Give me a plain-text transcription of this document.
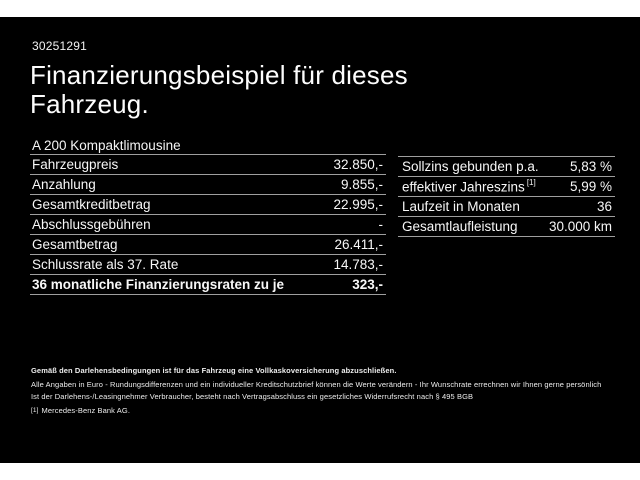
30251291
Finanzierungsbeispiel für dieses
Fahrzeug.
A 200 Kompaktlimousine
Fahrzeugpreis	32.850,-
Anzahlung	9.855,-
Gesamtkreditbetrag	22.995,-
Abschlussgebühren	-
Gesamtbetrag	26.411,-
Schlussrate als 37. Rate	14.783,-
36 monatliche Finanzierungsraten zu je	323,-
Sollzins gebunden p.a. 5,83 %
effektiver Jahreszins [1]	5,99 %
Laufzeit in Monaten	36
Gesamtlaufleistung 30.000 km
Gemäß den Darlehensbedingungen ist für das Fahrzeug eine Vollkaskoversicherung abzuschließen.
Alle Angaben in Euro - Rundungsdifferenzen und ein individueller Kreditschutzbrief können die Werte verändern - Ihr Wunschrate errechnen wir Ihnen gerne persönlich
Ist der Darlehens-/Leasingnehmer Verbraucher, besteht nach Vertragsabschluss ein gesetzliches Widerrufsrecht nach § 495 BGB
[1] Mercedes-Benz Bank AG.
